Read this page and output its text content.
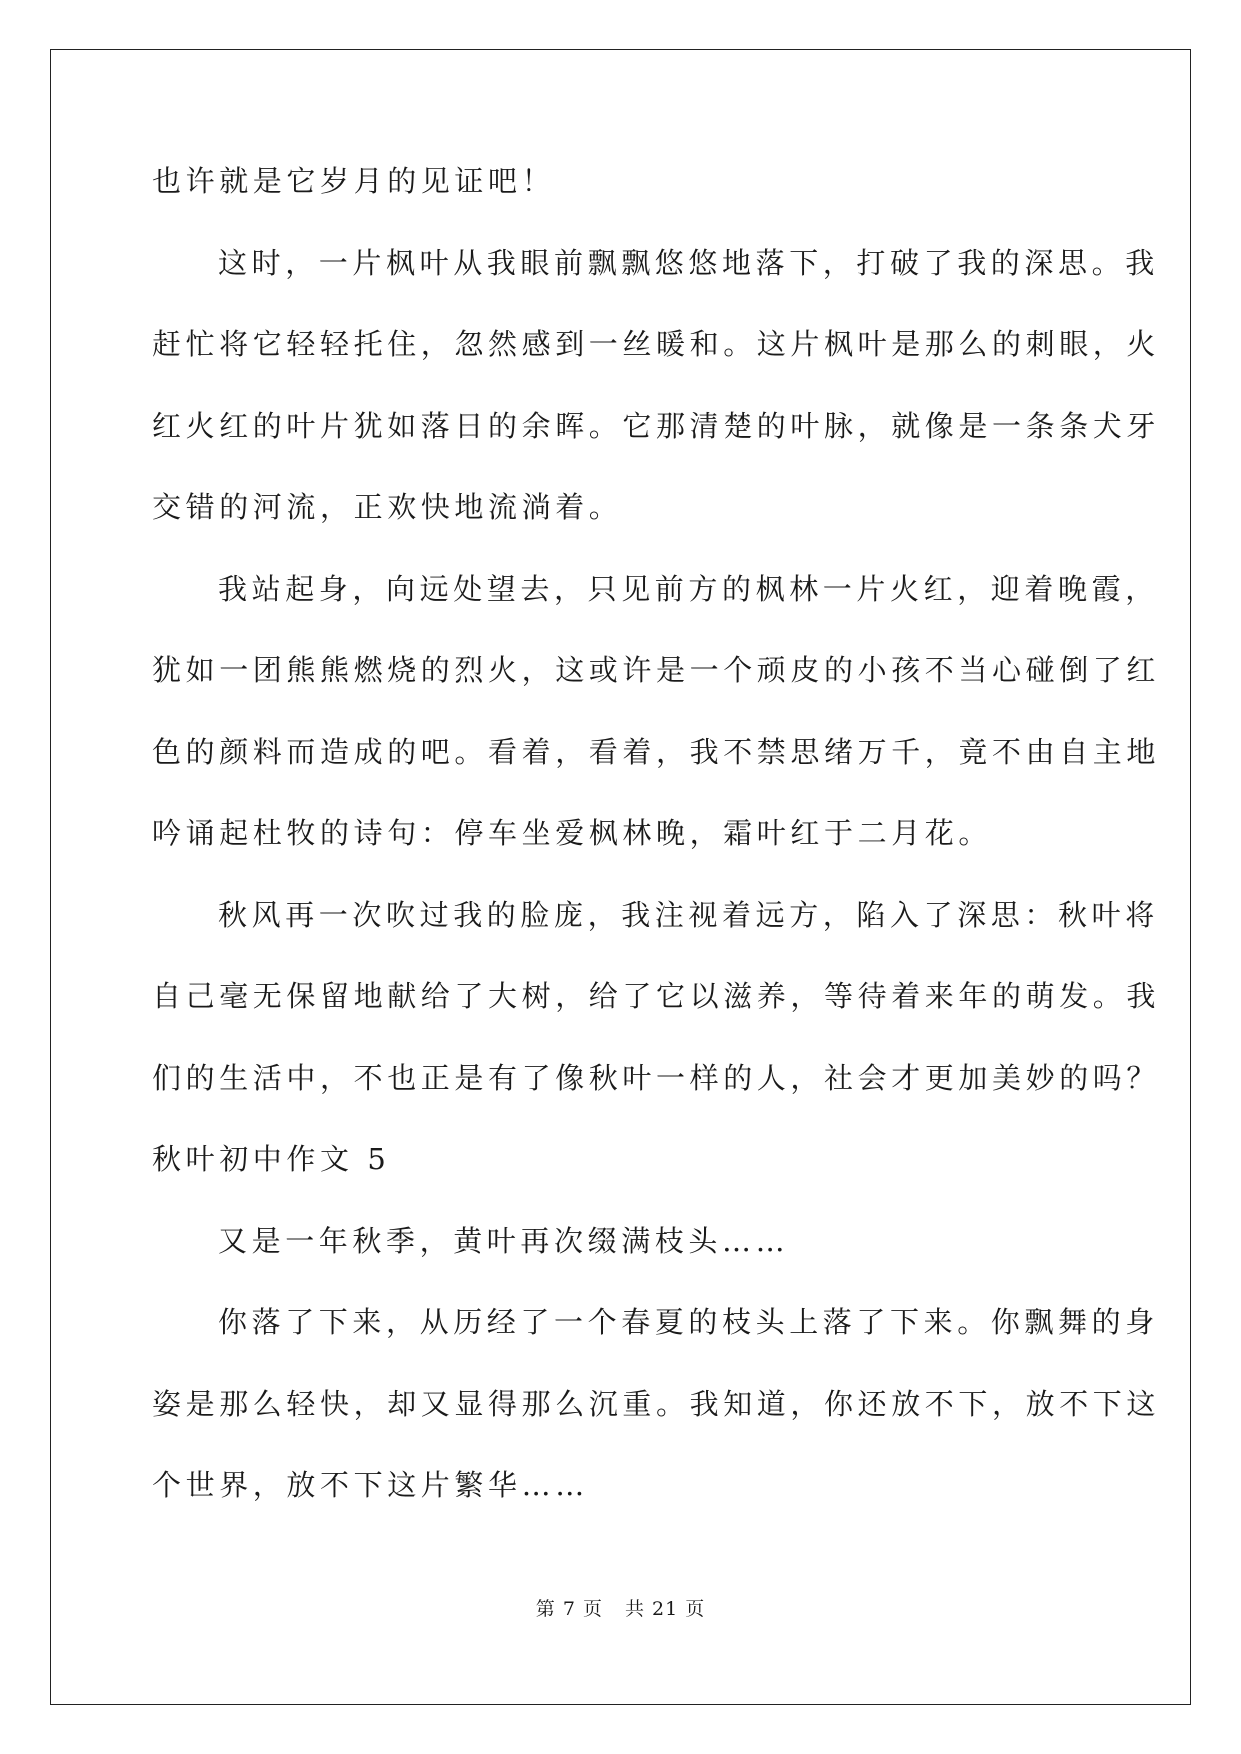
也许就是它岁月的见证吧！
这时，一片枫叶从我眼前飘飘悠悠地落下，打破了我的深思。我
赶忙将它轻轻托住，忽然感到一丝暖和。这片枫叶是那么的刺眼，火
红火红的叶片犹如落日的余晖。它那清楚的叶脉，就像是一条条犬牙
交错的河流，正欢快地流淌着。
我站起身，向远处望去，只见前方的枫林一片火红，迎着晚霞，
犹如一团熊熊燃烧的烈火，这或许是一个顽皮的小孩不当心碰倒了红
色的颜料而造成的吧。看着，看着，我不禁思绪万千，竟不由自主地
吟诵起杜牧的诗句：停车坐爱枫林晚，霜叶红于二月花。
秋风再一次吹过我的脸庞，我注视着远方，陷入了深思：秋叶将
自己毫无保留地献给了大树，给了它以滋养，等待着来年的萌发。我
们的生活中，不也正是有了像秋叶一样的人，社会才更加美妙的吗？
秋叶初中作文 5
又是一年秋季，黄叶再次缀满枝头……
你落了下来，从历经了一个春夏的枝头上落了下来。你飘舞的身
姿是那么轻快，却又显得那么沉重。我知道，你还放不下，放不下这
个世界，放不下这片繁华……
第 7 页 共 21 页
